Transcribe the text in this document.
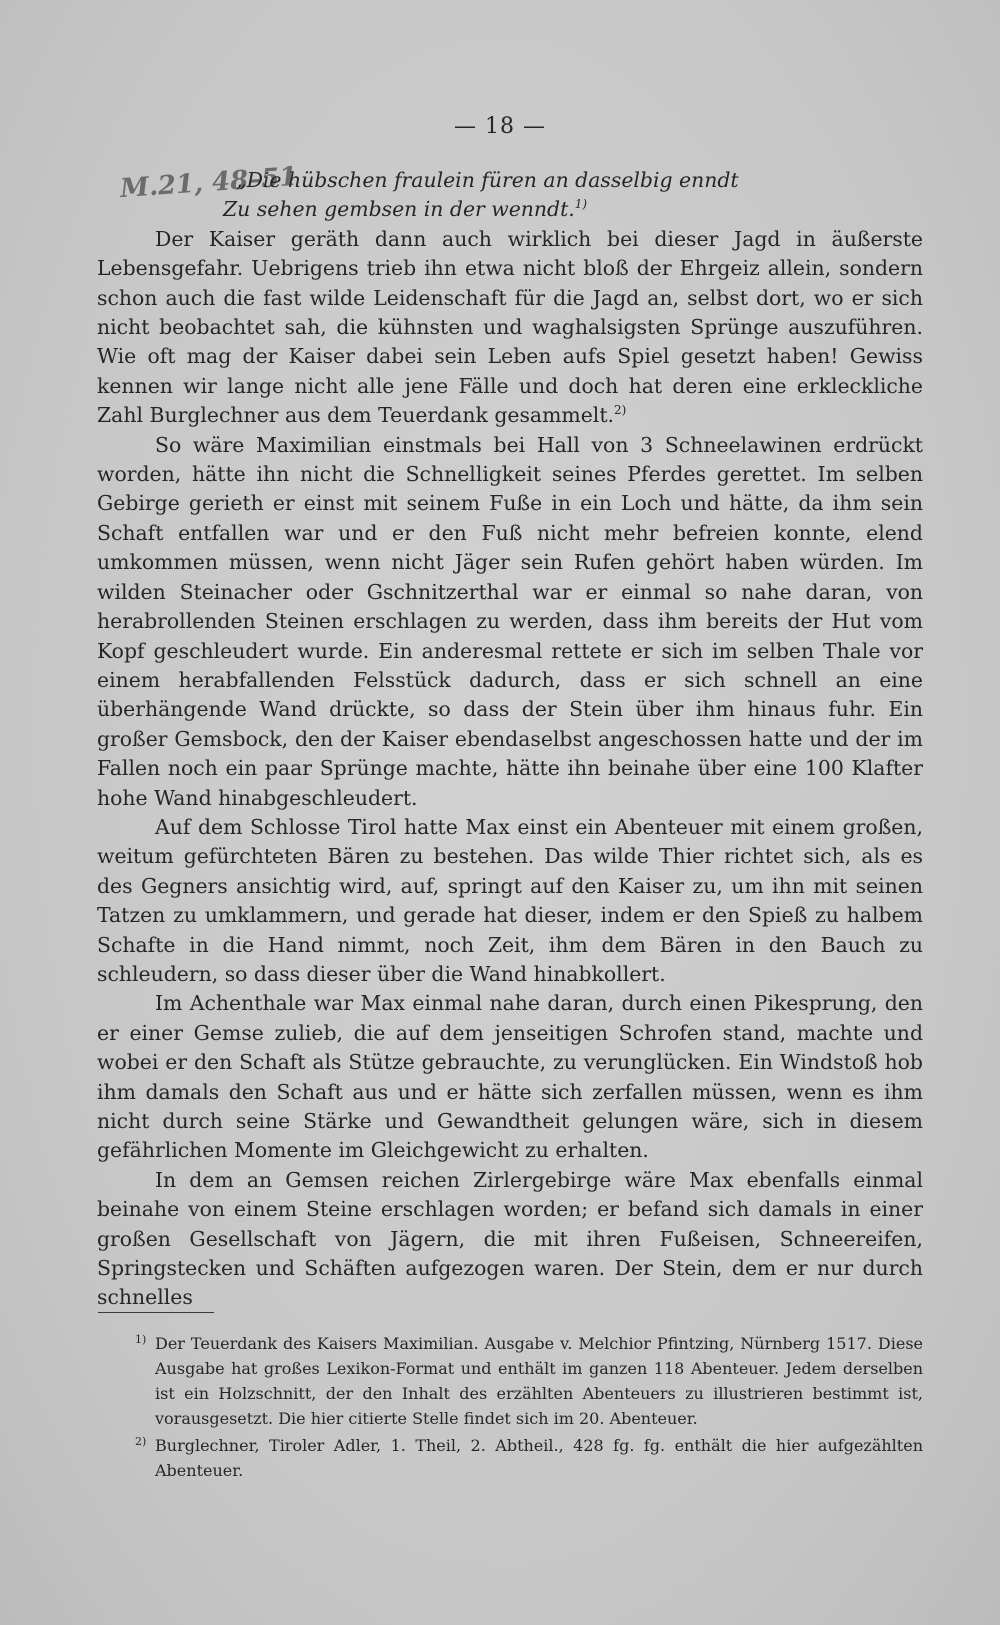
— 18 —
M.21, 48–51
„Die hübschen fraulein füren an dasselbig enndt
Zu sehen gembsen in der wenndt.$^{1)}$

Der Kaiser geräth dann auch wirklich bei dieser Jagd in äußerste Lebensgefahr. Uebrigens trieb ihn etwa nicht bloß der Ehrgeiz allein, sondern schon auch die fast wilde Leidenschaft für die Jagd an, selbst dort, wo er sich nicht beobachtet sah, die kühnsten und waghalsigsten Sprünge auszuführen. Wie oft mag der Kaiser dabei sein Leben aufs Spiel gesetzt haben! Gewiss kennen wir lange nicht alle jene Fälle und doch hat deren eine erkleckliche Zahl Burglechner aus dem Teuerdank gesammelt.$^{2)}$

So wäre Maximilian einstmals bei Hall von 3 Schneelawinen erdrückt worden, hätte ihn nicht die Schnelligkeit seines Pferdes gerettet. Im selben Gebirge gerieth er einst mit seinem Fuße in ein Loch und hätte, da ihm sein Schaft entfallen war und er den Fuß nicht mehr befreien konnte, elend umkommen müssen, wenn nicht Jäger sein Rufen gehört haben würden. Im wilden Steinacher oder Gschnitzerthal war er einmal so nahe daran, von herabrollenden Steinen erschlagen zu werden, dass ihm bereits der Hut vom Kopf geschleudert wurde. Ein anderesmal rettete er sich im selben Thale vor einem herabfallenden Felsstück dadurch, dass er sich schnell an eine überhängende Wand drückte, so dass der Stein über ihm hinaus fuhr. Ein großer Gemsbock, den der Kaiser ebendaselbst angeschossen hatte und der im Fallen noch ein paar Sprünge machte, hätte ihn beinahe über eine 100 Klafter hohe Wand hinabgeschleudert.

Auf dem Schlosse Tirol hatte Max einst ein Abenteuer mit einem großen, weitum gefürchteten Bären zu bestehen. Das wilde Thier richtet sich, als es des Gegners ansichtig wird, auf, springt auf den Kaiser zu, um ihn mit seinen Tatzen zu umklammern, und gerade hat dieser, indem er den Spieß zu halbem Schafte in die Hand nimmt, noch Zeit, ihm dem Bären in den Bauch zu schleudern, so dass dieser über die Wand hinabkollert.

Im Achenthale war Max einmal nahe daran, durch einen Pikesprung, den er einer Gemse zulieb, die auf dem jenseitigen Schrofen stand, machte und wobei er den Schaft als Stütze gebrauchte, zu verunglücken. Ein Windstoß hob ihm damals den Schaft aus und er hätte sich zerfallen müssen, wenn es ihm nicht durch seine Stärke und Gewandtheit gelungen wäre, sich in diesem gefährlichen Momente im Gleichgewicht zu erhalten.

In dem an Gemsen reichen Zirlergebirge wäre Max ebenfalls einmal beinahe von einem Steine erschlagen worden; er befand sich damals in einer großen Gesellschaft von Jägern, die mit ihren Fußeisen, Schneereifen, Springstecken und Schäften aufgezogen waren. Der Stein, dem er nur durch schnelles

1) Der Teuerdank des Kaisers Maximilian. Ausgabe v. Melchior Pfintzing, Nürnberg 1517. Diese Ausgabe hat großes Lexikon-Format und enthält im ganzen 118 Abenteuer. Jedem derselben ist ein Holzschnitt, der den Inhalt des erzählten Abenteuers zu illustrieren bestimmt ist, vorausgesetzt. Die hier citierte Stelle findet sich im 20. Abenteuer.
2) Burglechner, Tiroler Adler, 1. Theil, 2. Abtheil., 428 fg. fg. enthält die hier aufgezählten Abenteuer.
